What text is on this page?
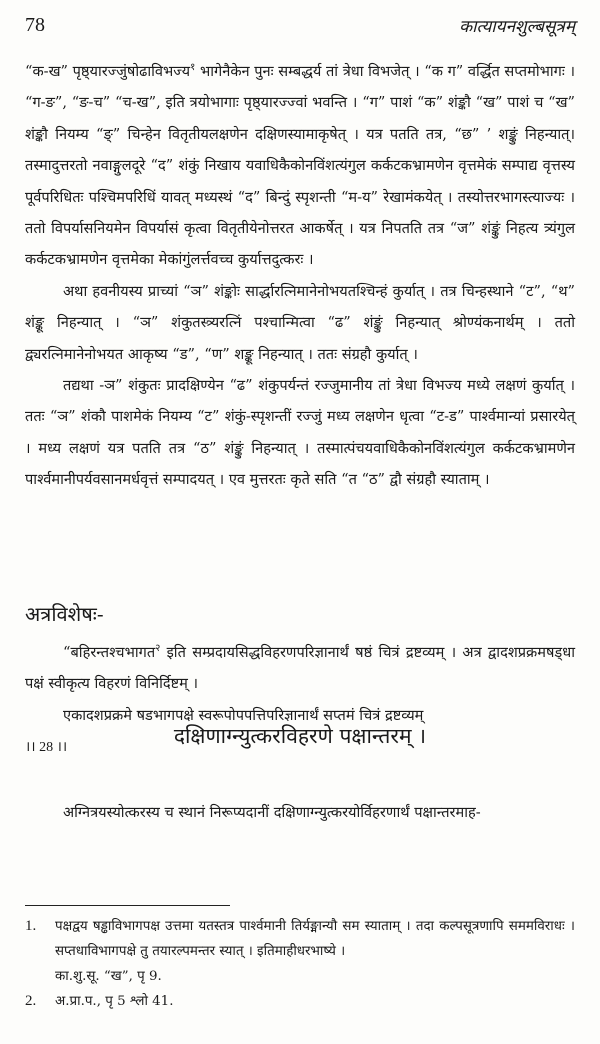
78	कात्यायनशुल्बसूत्रम्

“क-ख” पृष्ठ्यारज्जुंषोढाविभज्य$^१$ भागेनैकेन पुनः सम्बद्धर्य तां त्रेधा विभजेत् । “क ग” वर्द्धित सप्तमोभागः । “ग-ङ”, “ङ-च” “च-ख”, इति त्रयोभागाः पृष्ठ्यारज्ज्वां भवन्ति । “ग” पाशं “क” शंङ्कौ “ख” पाशं च “ख” शंङ्कौ नियम्य “ङ्” चिन्हेन वितृतीयलक्षणेन दक्षिणस्यामाकृषेत् । यत्र पतति तत्र, “छ” ’ शङ्कुं निहन्यात्। तस्मादुत्तरतो नवाङ्गुलदूरे “द” शंकुं निखाय यवाधिकैकोनविंशत्यंगुल कर्कटकभ्रामणेन वृत्तमेकं सम्पाद्य वृत्तस्य पूर्वपरिधितः पश्चिमपरिधिं यावत् मध्यस्थं “द” बिन्दुं स्पृशन्ती “म-य” रेखामंकयेत् । तस्योत्तरभागस्त्याज्यः । ततो विपर्यासनियमेन विपर्यासं कृत्वा वितृतीयेनोत्तरत आकर्षेत् । यत्र निपतति तत्र “ज” शंङ्कुं निहत्य त्र्यंगुल कर्कटकभ्रामणेन वृत्तमेका मेकांगुंलर्त्तवच्च कुर्यात्तदुत्करः ।

अथा हवनीयस्य प्राच्यां “ञ” शंङ्कोः सार्द्धारत्निमानेनोभयतश्चिन्हं कुर्यात् । तत्र चिन्हस्थाने “ट”, “थ” शंङ्कू निहन्यात् । “ञ” शंकुतस्त्र्यरत्निं पश्चान्मित्वा “ढ” शंङ्कुं निहन्यात् श्रोण्यंकनार्थम् । ततो द्व्यरत्निमानेनोभयत आकृष्य “ड”, “ण” शङ्कू निहन्यात् । ततः संग्रहौ कुर्यात् ।

तद्यथा -ञ” शंकुतः प्रादक्षिण्येन “ढ” शंकुपर्यन्तं रज्जुमानीय तां त्रेधा विभज्य मध्ये लक्षणं कुर्यात् । ततः “ञ” शंकौ पाशमेकं नियम्य “ट” शंकुं-स्पृशन्तीं रज्जुं मध्य लक्षणेन धृत्वा “ट-ड” पार्श्वमान्यां प्रसारयेत् । मध्य लक्षणं यत्र पतति तत्र “ठ” शंङ्कुं निहन्यात् । तस्मात्पंचयवाधिकैकोनविंशत्यंगुल कर्कटकभ्रामणेन पार्श्वमानीपर्यवसानमर्धवृत्तं सम्पादयत् । एव मुत्तरतः कृते सति “त “ठ” द्वौ संग्रहौ स्याताम् ।

अत्रविशेषः-

“बहिरन्तश्चभागत$^२$ इति सम्प्रदायसिद्धविहरणपरिज्ञानार्थं षष्ठं चित्रं द्रष्टव्यम् । अत्र द्वादशप्रक्रमषड्धा पक्षं स्वीकृत्य विहरणं विनिर्दिष्टम् ।

एकादशप्रक्रमे षडभागपक्षे स्वरूपोपपत्तिपरिज्ञानार्थं सप्तमं चित्रं द्रष्टव्यम्
।। 28 ।।	दक्षिणाग्न्युत्करविहरणे पक्षान्तरम् ।

अग्नित्रयस्योत्करस्य च स्थानं निरूप्यदानीं दक्षिणाग्न्युत्करयोर्विहरणार्थं पक्षान्तरमाह-

1.	पक्षद्वय षड्ढाविभागपक्ष उत्तमा यतस्तत्र पार्श्वमानी तिर्यङ्मान्यौ सम स्याताम् । तदा कल्पसूत्रणापि सममविराधः । सप्तधाविभागपक्षे तु तयारल्पमन्तर स्यात् । इतिमाहीधरभाष्ये ।
का.शु.सू. “ख”, पृ 9.
2.	अ.प्रा.प., पृ 5 श्लो 41.
